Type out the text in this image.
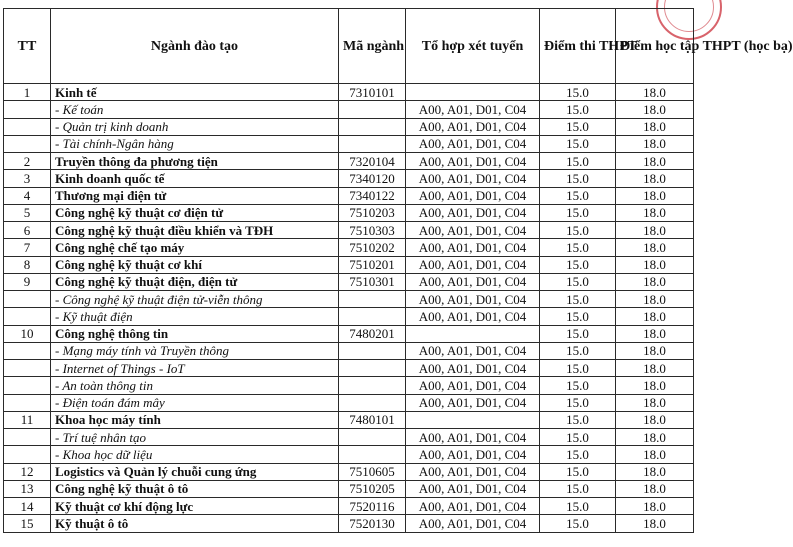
TT	Ngành đào tạo	Mã ngành	Tổ hợp xét tuyển	Điểm thi THPT	Điểm học tập THPT (học bạ)
1	Kinh tế	7310101		15.0	18.0
	- Kế toán		A00, A01, D01, C04	15.0	18.0
	- Quản trị kinh doanh		A00, A01, D01, C04	15.0	18.0
	- Tài chính-Ngân hàng		A00, A01, D01, C04	15.0	18.0
2	Truyền thông đa phương tiện	7320104	A00, A01, D01, C04	15.0	18.0
3	Kinh doanh quốc tế	7340120	A00, A01, D01, C04	15.0	18.0
4	Thương mại điện tử	7340122	A00, A01, D01, C04	15.0	18.0
5	Công nghệ kỹ thuật cơ điện tử	7510203	A00, A01, D01, C04	15.0	18.0
6	Công nghệ kỹ thuật điều khiển và TĐH	7510303	A00, A01, D01, C04	15.0	18.0
7	Công nghệ chế tạo máy	7510202	A00, A01, D01, C04	15.0	18.0
8	Công nghệ kỹ thuật cơ khí	7510201	A00, A01, D01, C04	15.0	18.0
9	Công nghệ kỹ thuật điện, điện tử	7510301	A00, A01, D01, C04	15.0	18.0
	- Công nghệ kỹ thuật điện tử-viễn thông		A00, A01, D01, C04	15.0	18.0
	- Kỹ thuật điện		A00, A01, D01, C04	15.0	18.0
10	Công nghệ thông tin	7480201		15.0	18.0
	- Mạng máy tính và Truyền thông		A00, A01, D01, C04	15.0	18.0
	- Internet of Things - IoT		A00, A01, D01, C04	15.0	18.0
	- An toàn thông tin		A00, A01, D01, C04	15.0	18.0
	- Điện toán đám mây		A00, A01, D01, C04	15.0	18.0
11	Khoa học máy tính	7480101		15.0	18.0
	- Trí tuệ nhân tạo		A00, A01, D01, C04	15.0	18.0
	- Khoa học dữ liệu		A00, A01, D01, C04	15.0	18.0
12	Logistics và Quản lý chuỗi cung ứng	7510605	A00, A01, D01, C04	15.0	18.0
13	Công nghệ kỹ thuật ô tô	7510205	A00, A01, D01, C04	15.0	18.0
14	Kỹ thuật cơ khí động lực	7520116	A00, A01, D01, C04	15.0	18.0
15	Kỹ thuật ô tô	7520130	A00, A01, D01, C04	15.0	18.0
